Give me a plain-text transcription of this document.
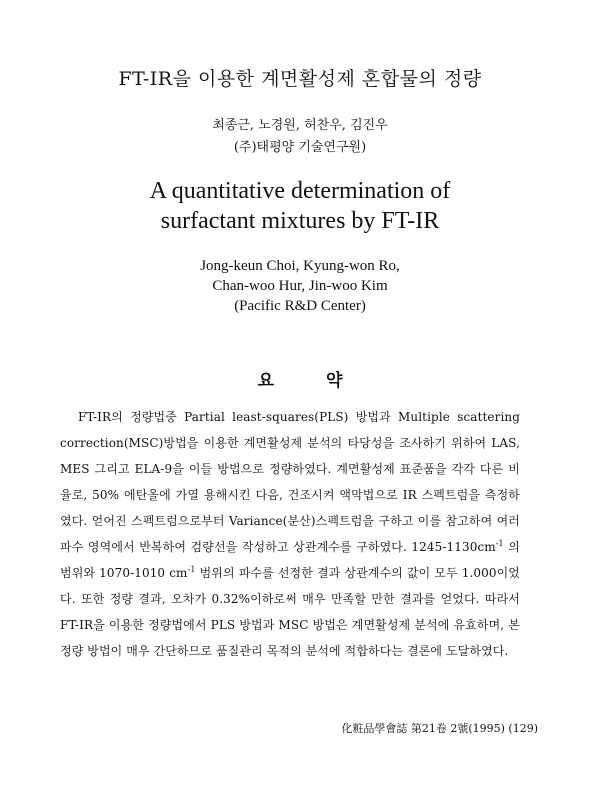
FT-IR을 이용한 계면활성제 혼합물의 정량
최종근, 노경원, 허찬우, 김진우
(주)태평양 기술연구원)
A quantitative determination of
surfactant mixtures by FT-IR
Jong-keun Choi, Kyung-won Ro,
Chan-woo Hur, Jin-woo Kim
(Pacific R&D Center)
요	약
FT-IR의 정량법중 Partial least-squares(PLS) 방법과 Multiple scattering correction(MSC)방법을 이용한 계면활성제 분석의 타당성을 조사하기 위하여 LAS, MES 그리고 ELA-9을 이들 방법으로 정량하였다. 계면활성제 표준품을 각각 다른 비율로, 50% 에탄올에 가열 용해시킨 다음, 건조시켜 액막법으로 IR 스펙트럼을 측정하였다. 얻어진 스펙트럼으로부터 Variance(분산)스펙트럼을 구하고 이를 참고하여 여러 파수 영역에서 반복하여 검량선을 작성하고 상관계수를 구하였다. $1245-1130cm^{-1}$ 의 범위와 1070-1010 $cm^{-1}$ 범위의 파수를 선정한 결과 상관계수의 값이 모두 1.000이었다. 또한 정량 결과, 오차가 0.32%이하로써 매우 만족할 만한 결과를 얻었다. 따라서 FT-IR을 이용한 정량법에서 PLS 방법과 MSC 방법은 계면활성제 분석에 유효하며, 본 정량 방법이 매우 간단하므로 품질관리 목적의 분석에 적합하다는 결론에 도달하였다.
化粧品學會誌 第21卷 2號(1995) (129)
